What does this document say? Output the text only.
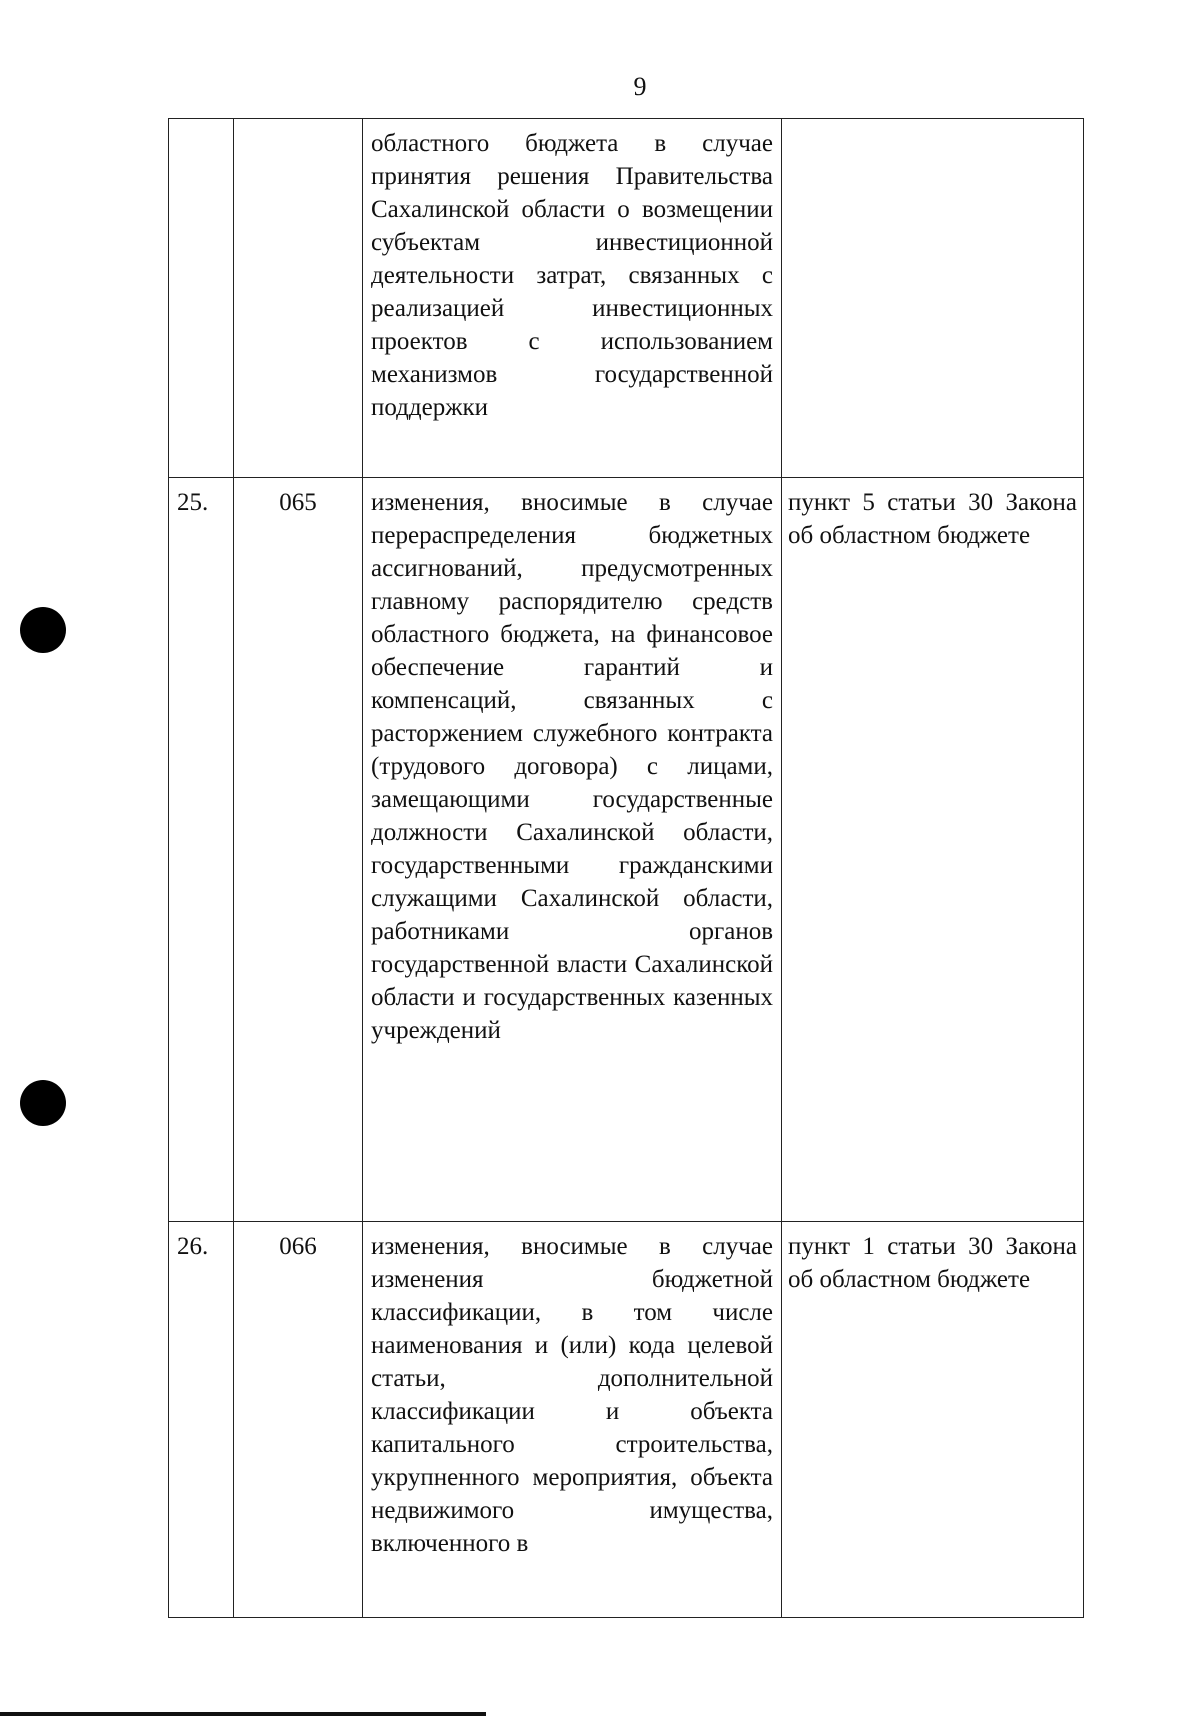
9
		областного бюджета в случае принятия решения Правительства Сахалинской области о возмещении субъектам инвестиционной деятельности затрат, связанных с реализацией инвестиционных проектов с использованием механизмов государственной поддержки	
25.	065	изменения, вносимые в случае перераспределения бюджетных ассигнований, предусмотренных главному распорядителю средств областного бюджета, на финансовое обеспечение гарантий и компенсаций, связанных с расторжением служебного контракта (трудового договора) с лицами, замещающими государственные должности Сахалинской области, государственными гражданскими служащими Сахалинской области, работниками органов государственной власти Сахалинской области и государственных казенных учреждений	пункт 5 статьи 30 Закона об областном бюджете
26.	066	изменения, вносимые в случае изменения бюджетной классификации, в том числе наименования и (или) кода целевой статьи, дополнительной классификации и объекта капитального строительства, укрупненного мероприятия, объекта недвижимого имущества, включенного в	пункт 1 статьи 30 Закона об областном бюджете
